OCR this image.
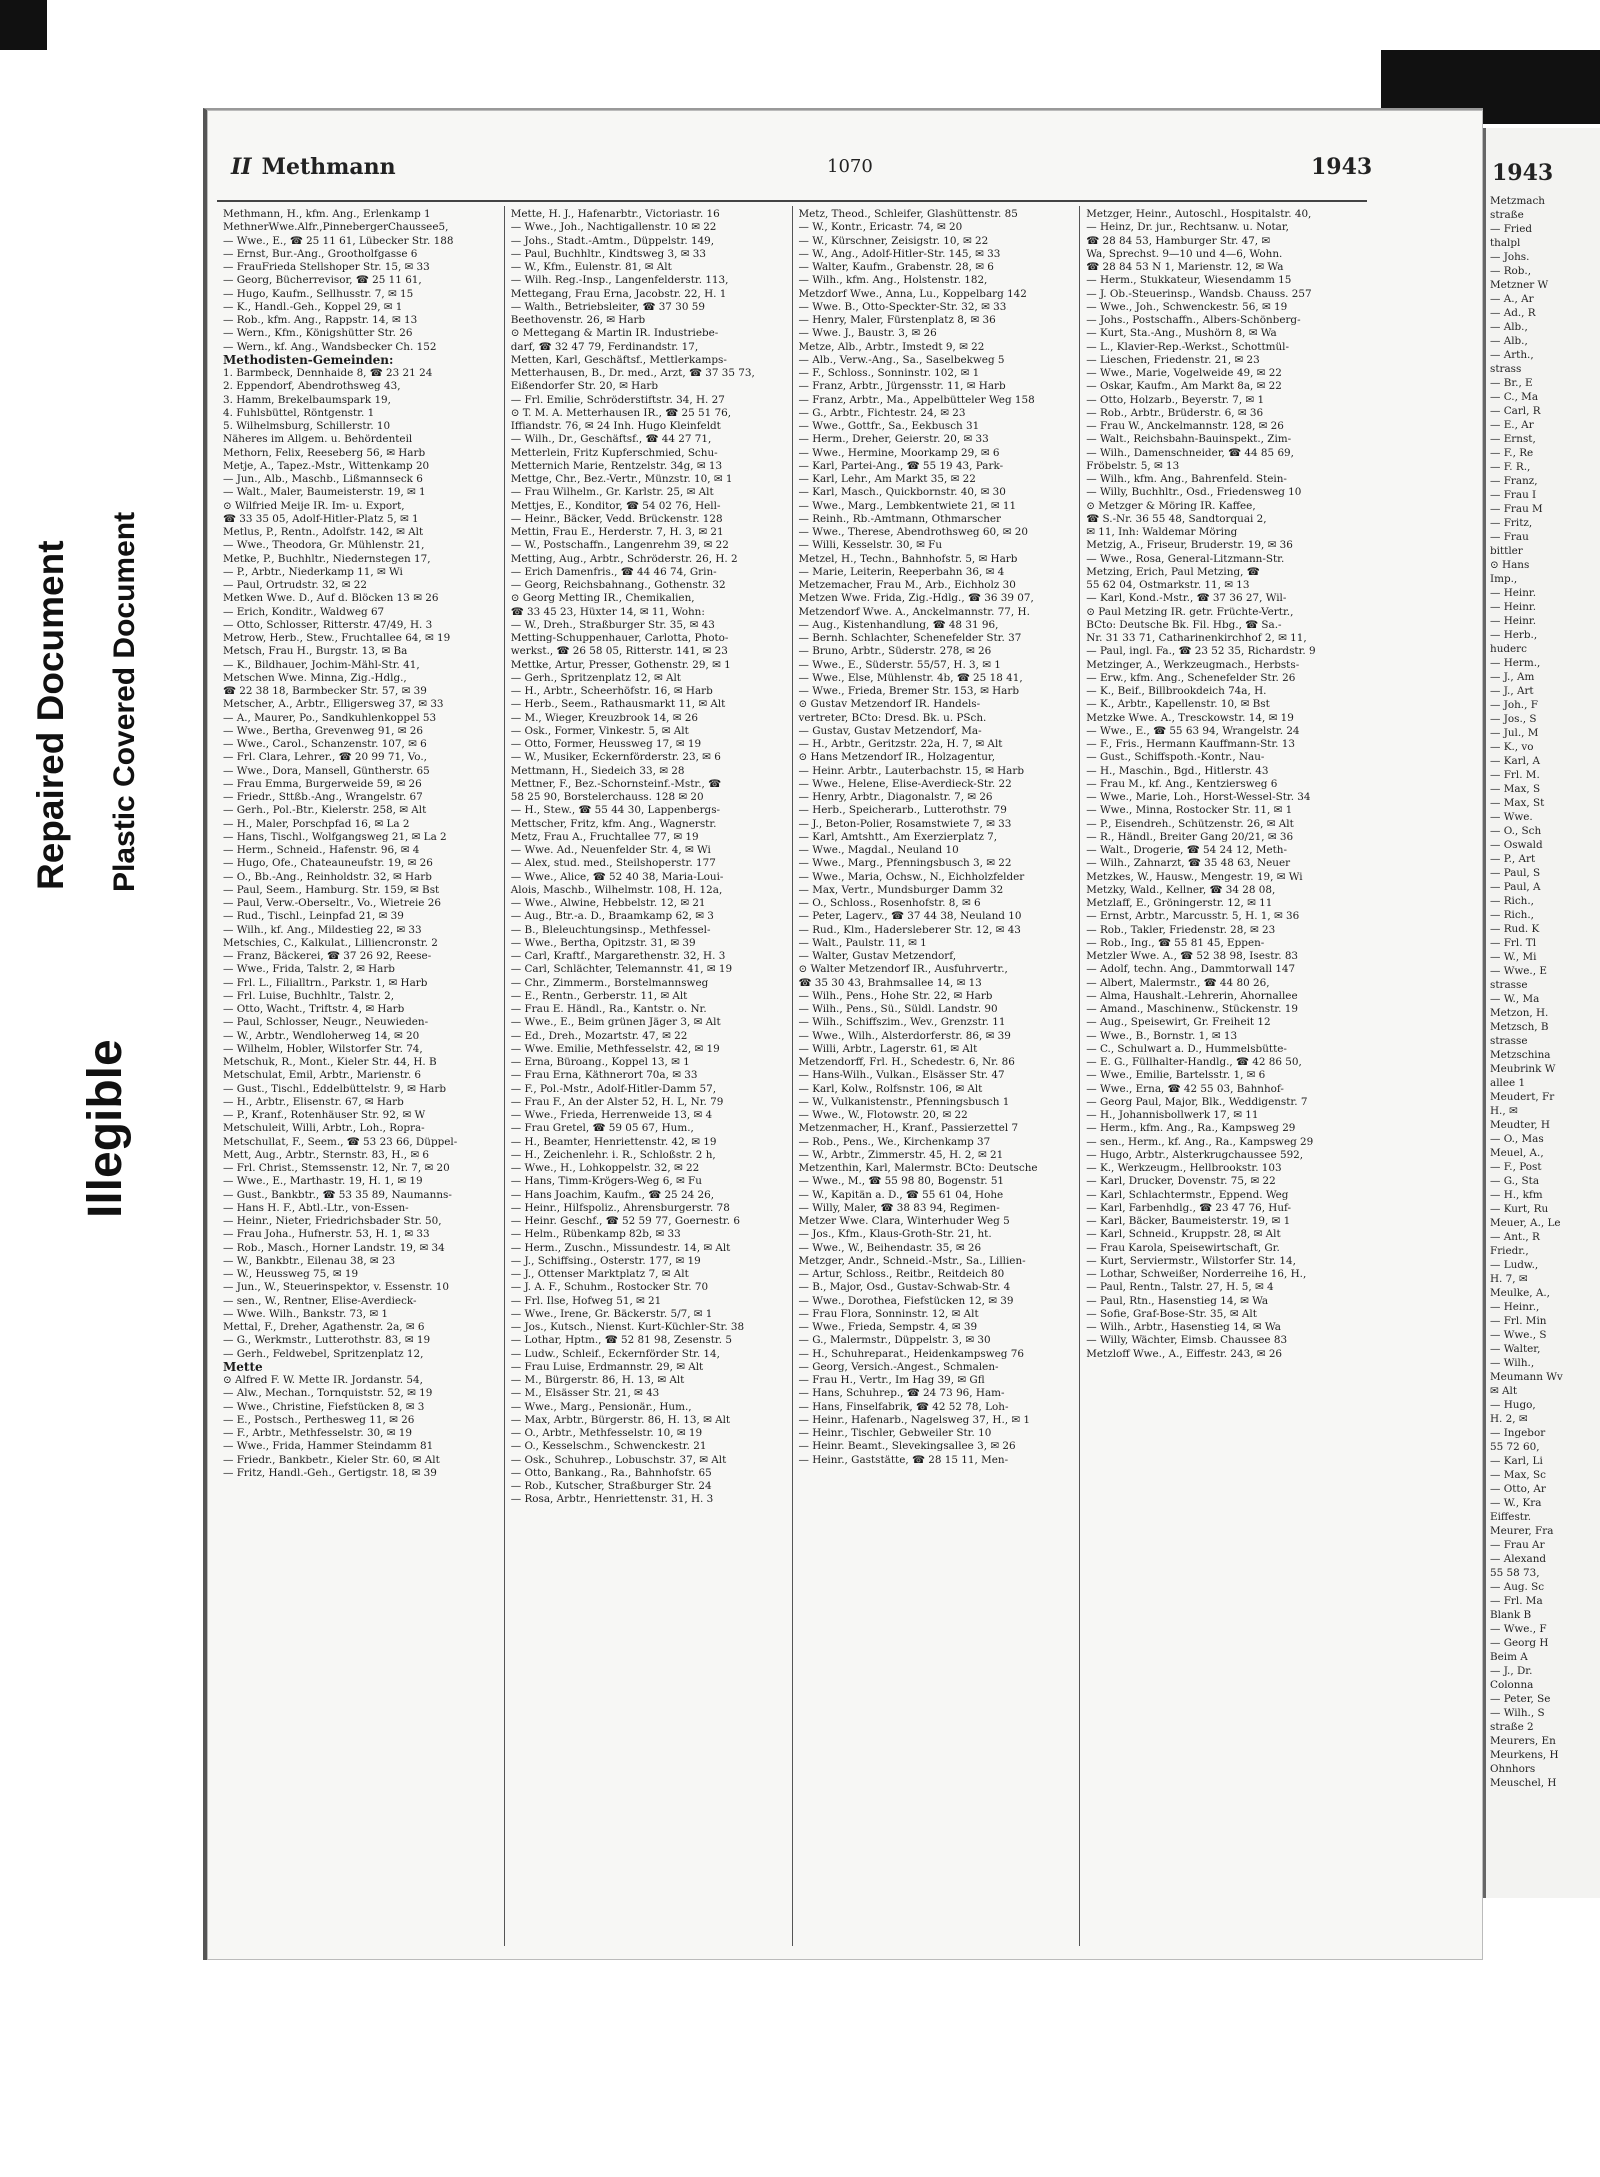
Repaired Document Plastic Covered Document
Illegible
II Methmann	1070	1943

Methmann, H., kfm. Ang., Erlenkamp 1

MethnerWwe.Alfr.,PinnebergerChaussee5,

— Wwe., E., ☎ 25 11 61, Lübecker Str. 188

— Ernst, Bur.-Ang., Grootholfgasse 6

— FrauFrieda Stellshoper Str. 15, ✉ 33

— Georg, Bücherrevisor, ☎ 25 11 61,

— Hugo, Kaufm., Sellhusstr. 7, ✉ 15

— K., Handl.-Geh., Koppel 29, ✉ 1

— Rob., kfm. Ang., Rappstr. 14, ✉ 13

— Wern., Kfm., Königshütter Str. 26

— Wern., kf. Ang., Wandsbecker Ch. 152

Methodisten-Gemeinden:

1. Barmbeck, Dennhaide 8, ☎ 23 21 24

2. Eppendorf, Abendrothsweg 43,

3. Hamm, Brekelbaumspark 19,

4. Fuhlsbüttel, Röntgenstr. 1

5. Wilhelmsburg, Schillerstr. 10

Näheres im Allgem. u. Behördenteil

Methorn, Felix, Reeseberg 56, ✉ Harb

Metje, A., Tapez.-Mstr., Wittenkamp 20

— Jun., Alb., Maschb., Lißmannseck 6

— Walt., Maler, Baumeisterstr. 19, ✉ 1

⊙ Wilfried Meije IR. Im- u. Export,

☎ 33 35 05, Adolf-Hitler-Platz 5, ✉ 1

Metlus, P., Rentn., Adolfstr. 142, ✉ Alt

— Wwe., Theodora, Gr. Mühlenstr. 21,

Metke, P., Buchhltr., Niedernstegen 17,

— P., Arbtr., Niederkamp 11, ✉ Wi

— Paul, Ortrudstr. 32, ✉ 22

Metken Wwe. D., Auf d. Blöcken 13 ✉ 26

— Erich, Konditr., Waldweg 67

— Otto, Schlosser, Ritterstr. 47/49, H. 3

Metrow, Herb., Stew., Fruchtallee 64, ✉ 19

Metsch, Frau H., Burgstr. 13, ✉ Ba

— K., Bildhauer, Jochim-Mähl-Str. 41,

Metschen Wwe. Minna, Zig.-Hdlg.,

☎ 22 38 18, Barmbecker Str. 57, ✉ 39

Metscher, A., Arbtr., Elligersweg 37, ✉ 33

— A., Maurer, Po., Sandkuhlenkoppel 53

— Wwe., Bertha, Grevenweg 91, ✉ 26

— Wwe., Carol., Schanzenstr. 107, ✉ 6

— Frl. Clara, Lehrer., ☎ 20 99 71, Vo.,

— Wwe., Dora, Mansell, Güntherstr. 65

— Frau Emma, Burgerweide 59, ✉ 26

— Friedr., Sttßb.-Ang., Wrangelstr. 67

— Gerh., Pol.-Btr., Kielerstr. 258, ✉ Alt

— H., Maler, Porschpfad 16, ✉ La 2

— Hans, Tischl., Wolfgangsweg 21, ✉ La 2

— Herm., Schneid., Hafenstr. 96, ✉ 4

— Hugo, Ofe., Chateauneufstr. 19, ✉ 26

— O., Bb.-Ang., Reinholdstr. 32, ✉ Harb

— Paul, Seem., Hamburg. Str. 159, ✉ Bst

— Paul, Verw.-Oberseltr., Vo., Wietreie 26

— Rud., Tischl., Leinpfad 21, ✉ 39

— Wilh., kf. Ang., Mildestieg 22, ✉ 33

Metschies, C., Kalkulat., Lilliencronstr. 2

— Franz, Bäckerei, ☎ 37 26 92, Reese-

— Wwe., Frida, Talstr. 2, ✉ Harb

— Frl. L., Filialltrn., Parkstr. 1, ✉ Harb

— Frl. Luise, Buchhltr., Talstr. 2,

— Otto, Wacht., Triftstr. 4, ✉ Harb

— Paul, Schlosser, Neugr., Neuwieden-

— W., Arbtr., Wendloherweg 14, ✉ 20

— Wilhelm, Hobler, Wilstorfer Str. 74,

Metschuk, R., Mont., Kieler Str. 44, H. B

Metschulat, Emil, Arbtr., Marienstr. 6

— Gust., Tischl., Eddelbüttelstr. 9, ✉ Harb

— H., Arbtr., Elisenstr. 67, ✉ Harb

— P., Kranf., Rotenhäuser Str. 92, ✉ W

Metschuleit, Willi, Arbtr., Loh., Ropra-

Metschullat, F., Seem., ☎ 53 23 66, Düppel-

Mett, Aug., Arbtr., Sternstr. 83, H., ✉ 6

— Frl. Christ., Stemssenstr. 12, Nr. 7, ✉ 20

— Wwe., E., Marthastr. 19, H. 1, ✉ 19

— Gust., Bankbtr., ☎ 53 35 89, Naumanns-

— Hans H. F., Abtl.-Ltr., von-Essen-

— Heinr., Nieter, Friedrichsbader Str. 50,

— Frau Joha., Hufnerstr. 53, H. 1, ✉ 33

— Rob., Masch., Horner Landstr. 19, ✉ 34

— W., Bankbtr., Eilenau 38, ✉ 23

— W., Heussweg 75, ✉ 19

— Jun., W., Steuerinspektor, v. Essenstr. 10

— sen., W., Rentner, Elise-Averdieck-

— Wwe. Wilh., Bankstr. 73, ✉ 1

Mettal, F., Dreher, Agathenstr. 2a, ✉ 6

— G., Werkmstr., Lutterothstr. 83, ✉ 19

— Gerh., Feldwebel, Spritzenplatz 12,

Mette

⊙ Alfred F. W. Mette IR. Jordanstr. 54,

— Alw., Mechan., Tornquiststr. 52, ✉ 19

— Wwe., Christine, Fiefstücken 8, ✉ 3

— E., Postsch., Perthesweg 11, ✉ 26

— F., Arbtr., Methfesselstr. 30, ✉ 19

— Wwe., Frida, Hammer Steindamm 81

— Friedr., Bankbetr., Kieler Str. 60, ✉ Alt

— Fritz, Handl.-Geh., Gertigstr. 18, ✉ 39

Mette, H. J., Hafenarbtr., Victoriastr. 16

— Wwe., Joh., Nachtigallenstr. 10 ✉ 22

— Johs., Stadt.-Amtm., Düppelstr. 149,

— Paul, Buchhltr., Kindtsweg 3, ✉ 33

— W., Kfm., Eulenstr. 81, ✉ Alt

— Wilh. Reg.-Insp., Langenfelderstr. 113,

Mettegang, Frau Erna, Jacobstr. 22, H. 1

— Walth., Betriebsleiter, ☎ 37 30 59

Beethovenstr. 26, ✉ Harb

⊙ Mettegang & Martin IR. Industriebe-

darf, ☎ 32 47 79, Ferdinandstr. 17,

Metten, Karl, Geschäftsf., Mettlerkamps-

Metterhausen, B., Dr. med., Arzt, ☎ 37 35 73,

Eißendorfer Str. 20, ✉ Harb

— Frl. Emilie, Schröderstiftstr. 34, H. 27

⊙ T. M. A. Metterhausen IR., ☎ 25 51 76,

Iffiandstr. 76, ✉ 24 Inh. Hugo Kleinfeldt

— Wilh., Dr., Geschäftsf., ☎ 44 27 71,

Metterlein, Fritz Kupferschmied, Schu-

Metternich Marie, Rentzelstr. 34g, ✉ 13

Mettge, Chr., Bez.-Vertr., Münzstr. 10, ✉ 1

— Frau Wilhelm., Gr. Karlstr. 25, ✉ Alt

Mettjes, E., Konditor, ☎ 54 02 76, Hell-

— Heinr., Bäcker, Vedd. Brückenstr. 128

Mettin, Frau E., Herderstr. 7, H. 3, ✉ 21

— W., Postschaffn., Langenrehm 39, ✉ 22

Metting, Aug., Arbtr., Schröderstr. 26, H. 2

— Erich Damenfris., ☎ 44 46 74, Grin-

— Georg, Reichsbahnang., Gothenstr. 32

⊙ Georg Metting IR., Chemikalien,

☎ 33 45 23, Hüxter 14, ✉ 11, Wohn:

— W., Dreh., Straßburger Str. 35, ✉ 43

Metting-Schuppenhauer, Carlotta, Photo-

werkst., ☎ 26 58 05, Ritterstr. 141, ✉ 23

Mettke, Artur, Presser, Gothenstr. 29, ✉ 1

— Gerh., Spritzenplatz 12, ✉ Alt

— H., Arbtr., Scheerhöfstr. 16, ✉ Harb

— Herb., Seem., Rathausmarkt 11, ✉ Alt

— M., Wieger, Kreuzbrook 14, ✉ 26

— Osk., Former, Vinkestr. 5, ✉ Alt

— Otto, Former, Heussweg 17, ✉ 19

— W., Musiker, Eckernförderstr. 23, ✉ 6

Mettmann, H., Siedeich 33, ✉ 28

Mettner, F., Bez.-Schornsteinf.-Mstr., ☎

58 25 90, Borstelerchauss. 128 ✉ 20

— H., Stew., ☎ 55 44 30, Lappenbergs-

Mettscher, Fritz, kfm. Ang., Wagnerstr.

Metz, Frau A., Fruchtallee 77, ✉ 19

— Wwe. Ad., Neuenfelder Str. 4, ✉ Wi

— Alex, stud. med., Steilshoperstr. 177

— Wwe., Alice, ☎ 52 40 38, Maria-Loui-

Alois, Maschb., Wilhelmstr. 108, H. 12a,

— Wwe., Alwine, Hebbelstr. 12, ✉ 21

— Aug., Btr.-a. D., Braamkamp 62, ✉ 3

— B., Bleleuchtungsinsp., Methfessel-

— Wwe., Bertha, Opitzstr. 31, ✉ 39

— Carl, Kraftf., Margarethenstr. 32, H. 3

— Carl, Schlächter, Telemannstr. 41, ✉ 19

— Chr., Zimmerm., Borstelmannsweg

— E., Rentn., Gerberstr. 11, ✉ Alt

— Frau E. Händl., Ra., Kantstr. o. Nr.

— Wwe., E., Beim grünen Jäger 3, ✉ Alt

— Ed., Dreh., Mozartstr. 47, ✉ 22

— Wwe. Emilie, Methfesselstr. 42, ✉ 19

— Erna, Büroang., Koppel 13, ✉ 1

— Frau Erna, Käthnerort 70a, ✉ 33

— F., Pol.-Mstr., Adolf-Hitler-Damm 57,

— Frau F., An der Alster 52, H. L, Nr. 79

— Wwe., Frieda, Herrenweide 13, ✉ 4

— Frau Gretel, ☎ 59 05 67, Hum.,

— H., Beamter, Henriettenstr. 42, ✉ 19

— H., Zeichenlehr. i. R., Schloßstr. 2 h,

— Wwe., H., Lohkoppelstr. 32, ✉ 22

— Hans, Timm-Krögers-Weg 6, ✉ Fu

— Hans Joachim, Kaufm., ☎ 25 24 26,

— Heinr., Hilfspoliz., Ahrensburgerstr. 78

— Heinr. Geschf., ☎ 52 59 77, Goernestr. 6

— Helm., Rübenkamp 82b, ✉ 33

— Herm., Zuschn., Missundestr. 14, ✉ Alt

— J., Schiffsing., Osterstr. 177, ✉ 19

— J., Ottenser Marktplatz 7, ✉ Alt

— J. A. F., Schuhm., Rostocker Str. 70

— Frl. Ilse, Hofweg 51, ✉ 21

— Wwe., Irene, Gr. Bäckerstr. 5/7, ✉ 1

— Jos., Kutsch., Nienst. Kurt-Küchler-Str. 38

— Lothar, Hptm., ☎ 52 81 98, Zesenstr. 5

— Ludw., Schleif., Eckernförder Str. 14,

— Frau Luise, Erdmannstr. 29, ✉ Alt

— M., Bürgerstr. 86, H. 13, ✉ Alt

— M., Elsässer Str. 21, ✉ 43

— Wwe., Marg., Pensionär., Hum.,

— Max, Arbtr., Bürgerstr. 86, H. 13, ✉ Alt

— O., Arbtr., Methfesselstr. 10, ✉ 19

— O., Kesselschm., Schwenckestr. 21

— Osk., Schuhrep., Lobuschstr. 37, ✉ Alt

— Otto, Bankang., Ra., Bahnhofstr. 65

— Rob., Kutscher, Straßburger Str. 24

— Rosa, Arbtr., Henriettenstr. 31, H. 3

Metz, Theod., Schleifer, Glashüttenstr. 85

— W., Kontr., Ericastr. 74, ✉ 20

— W., Kürschner, Zeisigstr. 10, ✉ 22

— W., Ang., Adolf-Hitler-Str. 145, ✉ 33

— Walter, Kaufm., Grabenstr. 28, ✉ 6

— Wilh., kfm. Ang., Holstenstr. 182,

Metzdorf Wwe., Anna, Lu., Koppelbarg 142

— Wwe. B., Otto-Speckter-Str. 32, ✉ 33

— Henry, Maler, Fürstenplatz 8, ✉ 36

— Wwe. J., Baustr. 3, ✉ 26

Metze, Alb., Arbtr., Imstedt 9, ✉ 22

— Alb., Verw.-Ang., Sa., Saselbekweg 5

— F., Schloss., Sonninstr. 102, ✉ 1

— Franz, Arbtr., Jürgensstr. 11, ✉ Harb

— Franz, Arbtr., Ma., Appelbütteler Weg 158

— G., Arbtr., Fichtestr. 24, ✉ 23

— Wwe., Gottfr., Sa., Eekbusch 31

— Herm., Dreher, Geierstr. 20, ✉ 33

— Wwe., Hermine, Moorkamp 29, ✉ 6

— Karl, Partei-Ang., ☎ 55 19 43, Park-

— Karl, Lehr., Am Markt 35, ✉ 22

— Karl, Masch., Quickbornstr. 40, ✉ 30

— Wwe., Marg., Lembkentwiete 21, ✉ 11

— Reinh., Rb.-Amtmann, Othmarscher

— Wwe., Therese, Abendrothsweg 60, ✉ 20

— Willi, Kesselstr. 30, ✉ Fu

Metzel, H., Techn., Bahnhofstr. 5, ✉ Harb

— Marie, Leiterin, Reeperbahn 36, ✉ 4

Metzemacher, Frau M., Arb., Eichholz 30

Metzen Wwe. Frida, Zig.-Hdlg., ☎ 36 39 07,

Metzendorf Wwe. A., Anckelmannstr. 77, H.

— Aug., Kistenhandlung, ☎ 48 31 96,

— Bernh. Schlachter, Schenefelder Str. 37

— Bruno, Arbtr., Süderstr. 278, ✉ 26

— Wwe., E., Süderstr. 55/57, H. 3, ✉ 1

— Wwe., Else, Mühlenstr. 4b, ☎ 25 18 41,

— Wwe., Frieda, Bremer Str. 153, ✉ Harb

⊙ Gustav Metzendorf IR. Handels-

vertreter, BCto: Dresd. Bk. u. PSch.

— Gustav, Gustav Metzendorf, Ma-

— H., Arbtr., Geritzstr. 22a, H. 7, ✉ Alt

⊙ Hans Metzendorf IR., Holzagentur,

— Heinr. Arbtr., Lauterbachstr. 15, ✉ Harb

— Wwe., Helene, Elise-Averdieck-Str. 22

— Henry, Arbtr., Diagonalstr. 7, ✉ 26

— Herb., Speicherarb., Lutterothstr. 79

— J., Beton-Polier, Rosamstwiete 7, ✉ 33

— Karl, Amtshtt., Am Exerzierplatz 7,

— Wwe., Magdal., Neuland 10

— Wwe., Marg., Pfenningsbusch 3, ✉ 22

— Wwe., Maria, Ochsw., N., Eichholzfelder

— Max, Vertr., Mundsburger Damm 32

— O., Schloss., Rosenhofstr. 8, ✉ 6

— Peter, Lagerv., ☎ 37 44 38, Neuland 10

— Rud., Klm., Hadersleberer Str. 12, ✉ 43

— Walt., Paulstr. 11, ✉ 1

— Walter, Gustav Metzendorf,

⊙ Walter Metzendorf IR., Ausfuhrvertr.,

☎ 35 30 43, Brahmsallee 14, ✉ 13

— Wilh., Pens., Hohe Str. 22, ✉ Harb

— Wilh., Pens., Sü., Süldl. Landstr. 90

— Wilh., Schiffszim., Wev., Grenzstr. 11

— Wwe., Wilh., Alsterdorferstr. 86, ✉ 39

— Willi, Arbtr., Lagerstr. 61, ✉ Alt

Metzendorff, Frl. H., Schedestr. 6, Nr. 86

— Hans-Wilh., Vulkan., Elsässer Str. 47

— Karl, Kolw., Rolfsnstr. 106, ✉ Alt

— W., Vulkanistenstr., Pfenningsbusch 1

— Wwe., W., Flotowstr. 20, ✉ 22

Metzenmacher, H., Kranf., Passierzettel 7

— Rob., Pens., We., Kirchenkamp 37

— W., Arbtr., Zimmerstr. 45, H. 2, ✉ 21

Metzenthin, Karl, Malermstr. BCto: Deutsche

— Wwe., M., ☎ 55 98 80, Bogenstr. 51

— W., Kapitän a. D., ☎ 55 61 04, Hohe

— Willy, Maler, ☎ 38 83 94, Regimen-

Metzer Wwe. Clara, Winterhuder Weg 5

— Jos., Kfm., Klaus-Groth-Str. 21, ht.

— Wwe., W., Beihendastr. 35, ✉ 26

Metzger, Andr., Schneid.-Mstr., Sa., Lillien-

— Artur, Schloss., Reitbr., Reitdeich 80

— B., Major, Osd., Gustav-Schwab-Str. 4

— Wwe., Dorothea, Fiefstücken 12, ✉ 39

— Frau Flora, Sonninstr. 12, ✉ Alt

— Wwe., Frieda, Sempstr. 4, ✉ 39

— G., Malermstr., Düppelstr. 3, ✉ 30

— H., Schuhreparat., Heidenkampsweg 76

— Georg, Versich.-Angest., Schmalen-

— Frau H., Vertr., Im Hag 39, ✉ Gfl

— Hans, Schuhrep., ☎ 24 73 96, Ham-

— Hans, Finselfabrik, ☎ 42 52 78, Loh-

— Heinr., Hafenarb., Nagelsweg 37, H., ✉ 1

— Heinr., Tischler, Gebweiler Str. 10

— Heinr. Beamt., Slevekingsallee 3, ✉ 26

— Heinr., Gaststätte, ☎ 28 15 11, Men-

Metzger, Heinr., Autoschl., Hospitalstr. 40,

— Heinz, Dr. jur., Rechtsanw. u. Notar,

☎ 28 84 53, Hamburger Str. 47, ✉

Wa, Sprechst. 9—10 und 4—6, Wohn.

☎ 28 84 53 N 1, Marienstr. 12, ✉ Wa

— Herm., Stukkateur, Wiesendamm 15

— J. Ob.-Steuerinsp., Wandsb. Chauss. 257

— Wwe., Joh., Schwenckestr. 56, ✉ 19

— Johs., Postschaffn., Albers-Schönberg-

— Kurt, Sta.-Ang., Mushörn 8, ✉ Wa

— L., Klavier-Rep.-Werkst., Schottmül-

— Lieschen, Friedenstr. 21, ✉ 23

— Wwe., Marie, Vogelweide 49, ✉ 22

— Oskar, Kaufm., Am Markt 8a, ✉ 22

— Otto, Holzarb., Beyerstr. 7, ✉ 1

— Rob., Arbtr., Brüderstr. 6, ✉ 36

— Frau W., Anckelmannstr. 128, ✉ 26

— Walt., Reichsbahn-Bauinspekt., Zim-

— Wilh., Damenschneider, ☎ 44 85 69,

Fröbelstr. 5, ✉ 13

— Wilh., kfm. Ang., Bahrenfeld. Stein-

— Willy, Buchhltr., Osd., Friedensweg 10

⊙ Metzger & Möring IR. Kaffee,

☎ S.-Nr. 36 55 48, Sandtorquai 2,

✉ 11, Inh: Waldemar Möring

Metzig, A., Friseur, Bruderstr. 19, ✉ 36

— Wwe., Rosa, General-Litzmann-Str.

Metzing, Erich, Paul Metzing, ☎

55 62 04, Ostmarkstr. 11, ✉ 13

— Karl, Kond.-Mstr., ☎ 37 36 27, Wil-

⊙ Paul Metzing IR. getr. Früchte-Vertr.,

BCto: Deutsche Bk. Fil. Hbg., ☎ Sa.-

Nr. 31 33 71, Catharinenkirchhof 2, ✉ 11,

— Paul, ingl. Fa., ☎ 23 52 35, Richardstr. 9

Metzinger, A., Werkzeugmach., Herbsts-

— Erw., kfm. Ang., Schenefelder Str. 26

— K., Beif., Billbrookdeich 74a, H.

— K., Arbtr., Kapellenstr. 10, ✉ Bst

Metzke Wwe. A., Tresckowstr. 14, ✉ 19

— Wwe., E., ☎ 55 63 94, Wrangelstr. 24

— F., Fris., Hermann Kauffmann-Str. 13

— Gust., Schiffspoth.-Kontr., Nau-

— H., Maschin., Bgd., Hitlerstr. 43

— Frau M., kf. Ang., Kentziersweg 6

— Wwe., Marie, Loh., Horst-Wessel-Str. 34

— Wwe., Minna, Rostocker Str. 11, ✉ 1

— P., Eisendreh., Schützenstr. 26, ✉ Alt

— R., Händl., Breiter Gang 20/21, ✉ 36

— Walt., Drogerie, ☎ 54 24 12, Meth-

— Wilh., Zahnarzt, ☎ 35 48 63, Neuer

Metzkes, W., Hausw., Mengestr. 19, ✉ Wi

Metzky, Wald., Kellner, ☎ 34 28 08,

Metzlaff, E., Gröningerstr. 12, ✉ 11

— Ernst, Arbtr., Marcusstr. 5, H. 1, ✉ 36

— Rob., Takler, Friedenstr. 28, ✉ 23

— Rob., Ing., ☎ 55 81 45, Eppen-

Metzler Wwe. A., ☎ 52 38 98, Isestr. 83

— Adolf, techn. Ang., Dammtorwall 147

— Albert, Malermstr., ☎ 44 80 26,

— Alma, Haushalt.-Lehrerin, Ahornallee

— Amand., Maschinenw., Stückenstr. 19

— Aug., Speisewirt, Gr. Freiheit 12

— Wwe., B., Bornstr. 1, ✉ 13

— C., Schulwart a. D., Hummelsbütte-

— E. G., Füllhalter-Handlg., ☎ 42 86 50,

— Wwe., Emilie, Bartelsstr. 1, ✉ 6

— Wwe., Erna, ☎ 42 55 03, Bahnhof-

— Georg Paul, Major, Blk., Weddigenstr. 7

— H., Johannisbollwerk 17, ✉ 11

— Herm., kfm. Ang., Ra., Kampsweg 29

— sen., Herm., kf. Ang., Ra., Kampsweg 29

— Hugo, Arbtr., Alsterkrugchaussee 592,

— K., Werkzeugm., Hellbrookstr. 103

— Karl, Drucker, Dovenstr. 75, ✉ 22

— Karl, Schlachtermstr., Eppend. Weg

— Karl, Farbenhdlg., ☎ 23 47 76, Huf-

— Karl, Bäcker, Baumeisterstr. 19, ✉ 1

— Karl, Schneid., Kruppstr. 28, ✉ Alt

— Frau Karola, Speisewirtschaft, Gr.

— Kurt, Serviermstr., Wilstorfer Str. 14,

— Lothar, Schweißer, Norderreihe 16, H.,

— Paul, Rentn., Talstr. 27, H. 5, ✉ 4

— Paul, Rtn., Hasenstieg 14, ✉ Wa

— Sofie, Graf-Bose-Str. 35, ✉ Alt

— Wilh., Arbtr., Hasenstieg 14, ✉ Wa

— Willy, Wächter, Eimsb. Chaussee 83

Metzloff Wwe., A., Eiffestr. 243, ✉ 26

1943
Metzmach
straße
— Fried
thalpl
— Johs.
— Rob.,
Metzner W
— A., Ar
— Ad., R
— Alb.,
— Alb.,
— Arth.,
strass
— Br., E
— C., Ma
— Carl, R
— E., Ar
— Ernst,
— F., Re
— F. R.,
— Franz,
— Frau I
— Frau M
— Fritz,
— Frau
bittler
⊙ Hans
Imp.,
— Heinr.
— Heinr.
— Heinr.
— Herb.,
huderc
— Herm.,
— J., Am
— J., Art
— Joh., F
— Jos., S
— Jul., M
— K., vo
— Karl, A
— Frl. M.
— Max, S
— Max, St
— Wwe.
— O., Sch
— Oswald
— P., Art
— Paul, S
— Paul, A
— Rich.,
— Rich.,
— Rud. K
— Frl. Tl
— W., Mi
— Wwe., E
strasse
— W., Ma
Metzon, H.
Metzsch, B
strasse
Metzschina
Meubrink W
allee 1
Meudert, Fr
H., ✉
Meudter, H
— O., Mas
Meuel, A.,
— F., Post
— G., Sta
— H., kfm
— Kurt, Ru
Meuer, A., Le
— Ant., R
Friedr.,
— Ludw.,
H. 7, ✉
Meulke, A.,
— Heinr.,
— Frl. Min
— Wwe., S
— Walter,
— Wilh.,
Meumann Wv
✉ Alt
— Hugo,
H. 2, ✉
— Ingebor
55 72 60,
— Karl, Li
— Max, Sc
— Otto, Ar
— W., Kra
Eiffestr.
Meurer, Fra
— Frau Ar
— Alexand
55 58 73,
— Aug. Sc
— Frl. Ma
Blank B
— Wwe., F
— Georg H
Beim A
— J., Dr.
Colonna
— Peter, Se
— Wilh., S
straße 2
Meurers, En
Meurkens, H
Ohnhors
Meuschel, H
